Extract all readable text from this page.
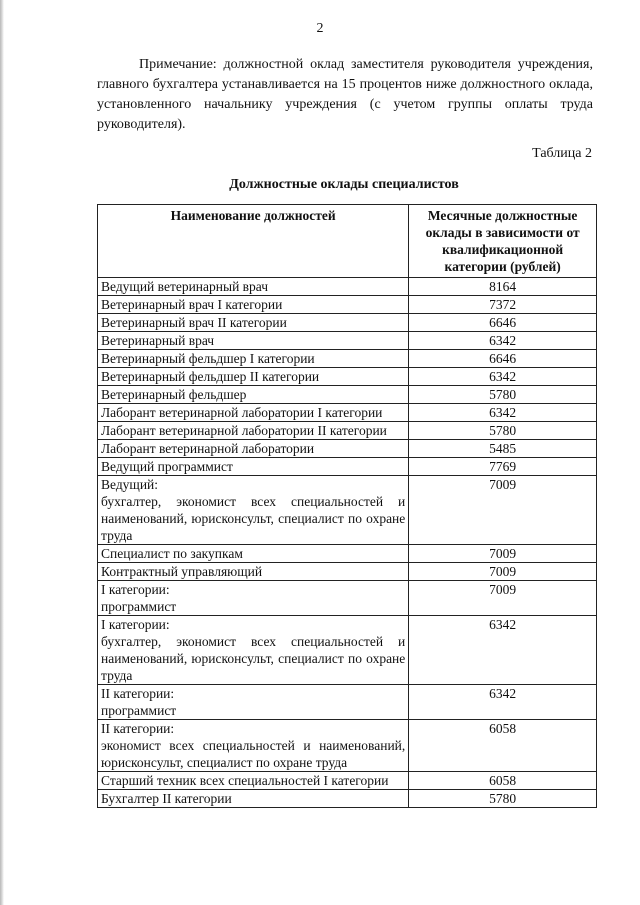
2
Примечание: должностной оклад заместителя руководителя учреждения, главного бухгалтера устанавливается на 15 процентов ниже должностного оклада, установленного начальнику учреждения (с учетом группы оплаты труда руководителя).
Таблица 2
Должностные оклады специалистов
Наименование должностей	Месячные должностные оклады в зависимости от квалификационной категории (рублей)

Ведущий ветеринарный врач	8164

Ветеринарный врач I категории	7372

Ветеринарный врач II категории	6646

Ветеринарный врач	6342

Ветеринарный фельдшер I категории	6646

Ветеринарный фельдшер II категории	6342

Ветеринарный фельдшер	5780

Лаборант ветеринарной лаборатории I категории	6342

Лаборант ветеринарной лаборатории II категории	5780

Лаборант ветеринарной лаборатории	5485

Ведущий программист	7769

Ведущий:
бухгалтер, экономист всех специальностей и наименований, юрисконсульт, специалист по охране труда	7009

Специалист по закупкам	7009

Контрактный управляющий	7009

I категории:
программист	7009

I категории:
бухгалтер, экономист всех специальностей и наименований, юрисконсульт, специалист по охране труда	6342

II категории:
программист	6342

II категории:
экономист всех специальностей и наименований, юрисконсульт, специалист по охране труда	6058

Старший техник всех специальностей I категории	6058

Бухгалтер II категории	5780
